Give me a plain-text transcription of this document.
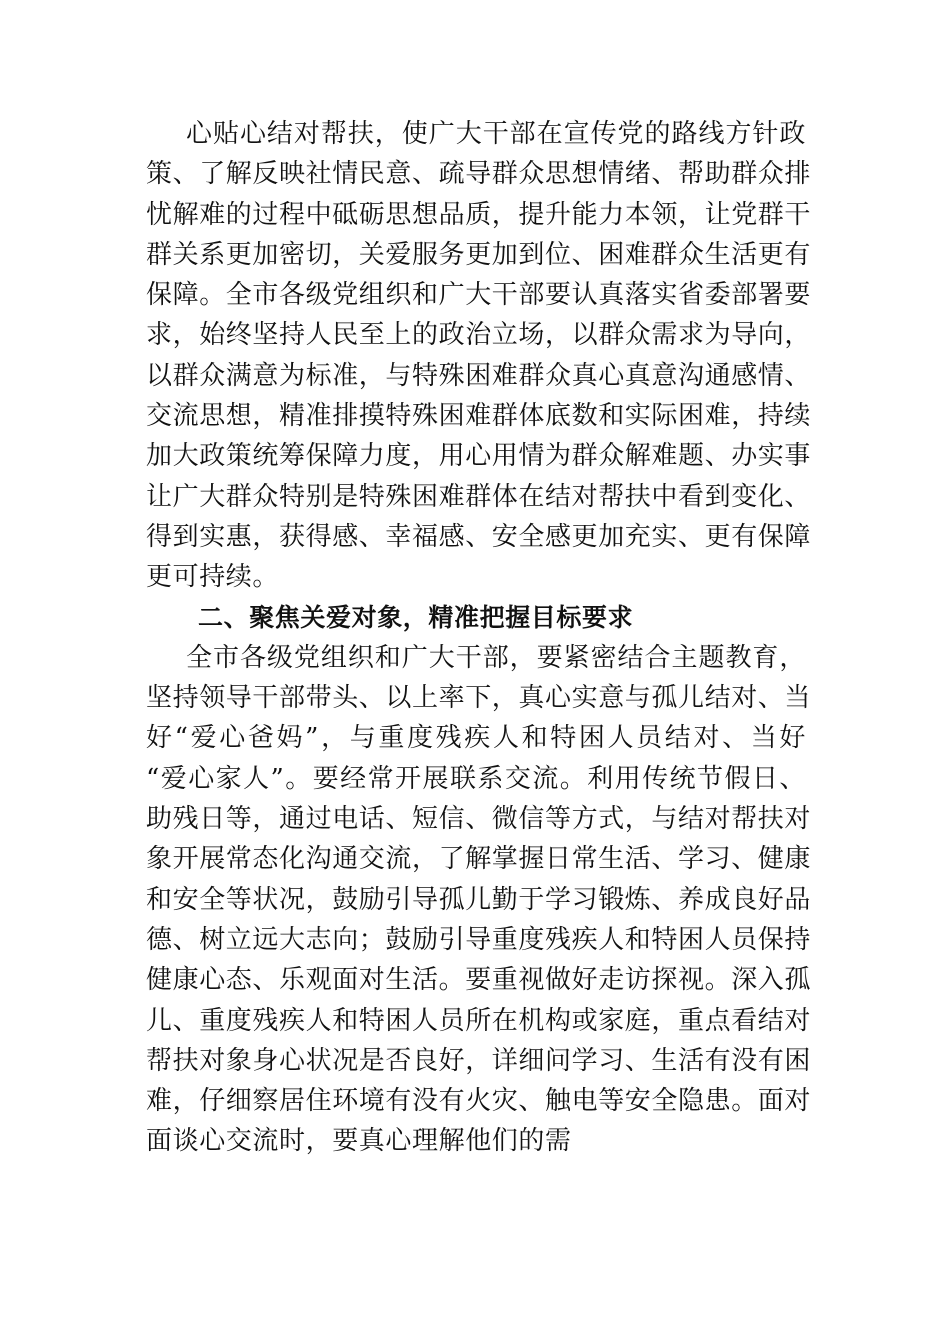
心贴心结对帮扶，使广大干部在宣传党的路线方针政
策、了解反映社情民意、疏导群众思想情绪、帮助群众排
忧解难的过程中砥砺思想品质，提升能力本领，让党群干
群关系更加密切，关爱服务更加到位、困难群众生活更有
保障。全市各级党组织和广大干部要认真落实省委部署要
求，始终坚持人民至上的政治立场，以群众需求为导向，
以群众满意为标准，与特殊困难群众真心真意沟通感情、
交流思想，精准排摸特殊困难群体底数和实际困难，持续
加大政策统筹保障力度，用心用情为群众解难题、办实事
让广大群众特别是特殊困难群体在结对帮扶中看到变化、
得到实惠，获得感、幸福感、安全感更加充实、更有保障
更可持续。
二、聚焦关爱对象，精准把握目标要求
全市各级党组织和广大干部，要紧密结合主题教育，
坚持领导干部带头、以上率下，真心实意与孤儿结对、当
好“爱心爸妈”，与重度残疾人和特困人员结对、当好
“爱心家人”。要经常开展联系交流。利用传统节假日、
助残日等，通过电话、短信、微信等方式，与结对帮扶对
象开展常态化沟通交流，了解掌握日常生活、学习、健康
和安全等状况，鼓励引导孤儿勤于学习锻炼、养成良好品
德、树立远大志向；鼓励引导重度残疾人和特困人员保持
健康心态、乐观面对生活。要重视做好走访探视。深入孤
儿、重度残疾人和特困人员所在机构或家庭，重点看结对
帮扶对象身心状况是否良好，详细问学习、生活有没有困
难，仔细察居住环境有没有火灾、触电等安全隐患。面对
面谈心交流时，要真心理解他们的需
